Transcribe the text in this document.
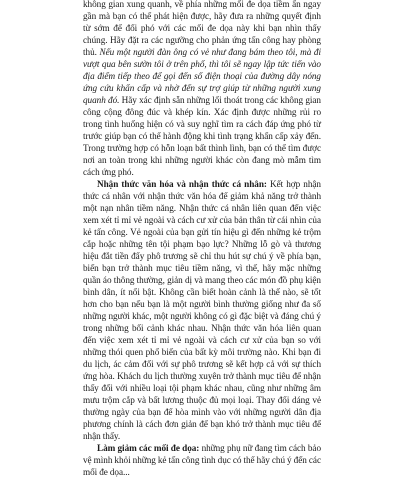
không gian xung quanh, về phía những mối đe dọa tiềm ẩn ngay gần mà bạn có thể phát hiện được, hãy đưa ra những quyết định từ sớm để đối phó với các mối đe dọa này khi bạn nhìn thấy chúng. Hãy đặt ra các ngưỡng cho phản ứng tấn công hay phòng thủ. Nếu một người đàn ông có vẻ như đang bám theo tôi, mà đi vượt qua bên sườn tôi ở trên phố, thì tôi sẽ ngay lập tức tiến vào địa điểm tiếp theo để gọi đến số điện thoại của đường dây nóng ứng cứu khẩn cấp và nhờ đến sự trợ giúp từ những người xung quanh đó. Hãy xác định sẵn những lối thoát trong các không gian công cộng đông đúc và khép kín. Xác định được những rủi ro trong tình huống hiện có và suy nghĩ tìm ra cách đáp ứng phó từ trước giúp bạn có thể hành động khi tình trạng khẩn cấp xảy đến. Trong trường hợp có hỗn loạn bất thình lình, bạn có thể tìm được nơi an toàn trong khi những người khác còn đang mò mẫm tìm cách ứng phó.

Nhận thức văn hóa và nhận thức cá nhân: Kết hợp nhận thức cá nhân với nhận thức văn hóa để giảm khả năng trở thành một nạn nhân tiềm năng. Nhận thức cá nhân liên quan đến việc xem xét tỉ mỉ vẻ ngoài và cách cư xử của bản thân từ cái nhìn của kẻ tấn công. Vẻ ngoài của bạn gửi tín hiệu gì đến những kẻ trộm cắp hoặc những tên tội phạm bạo lực? Những lỗ gò và thương hiệu đắt tiền đẩy phô trương sẽ chỉ thu hút sự chú ý về phía bạn, biến bạn trở thành mục tiêu tiềm năng, vì thế, hãy mặc những quần áo thông thường, giản dị và mang theo các món đồ phụ kiện bình dân, ít nổi bật. Không cần biết hoàn cảnh là thế nào, sẽ tốt hơn cho bạn nếu bạn là một người bình thường giống như đa số những người khác, một người không có gì đặc biệt và đáng chú ý trong những bối cảnh khác nhau. Nhận thức văn hóa liên quan đến việc xem xét tỉ mỉ vẻ ngoài và cách cư xử của bạn so với những thói quen phổ biến của bất kỳ môi trường nào. Khi bạn đi du lịch, ác cảm đối với sự phô trương sẽ kết hợp cả với sự thích ứng hòa. Khách du lịch thường xuyên trở thành mục tiêu để nhận thấy đối với nhiều loại tội phạm khác nhau, cũng như những âm mưu trộm cắp và bất lương thuộc đủ mọi loại. Thay đổi dáng vẻ thường ngày của bạn để hòa mình vào với những người dân địa phương chính là cách đơn giản để bạn khó trở thành mục tiêu để nhận thấy.

Làm giảm các mối đe dọa: những phụ nữ đang tìm cách bảo vệ mình khỏi những kẻ tấn công tình dục có thể hãy chú ý đến các mối đe dọa...
